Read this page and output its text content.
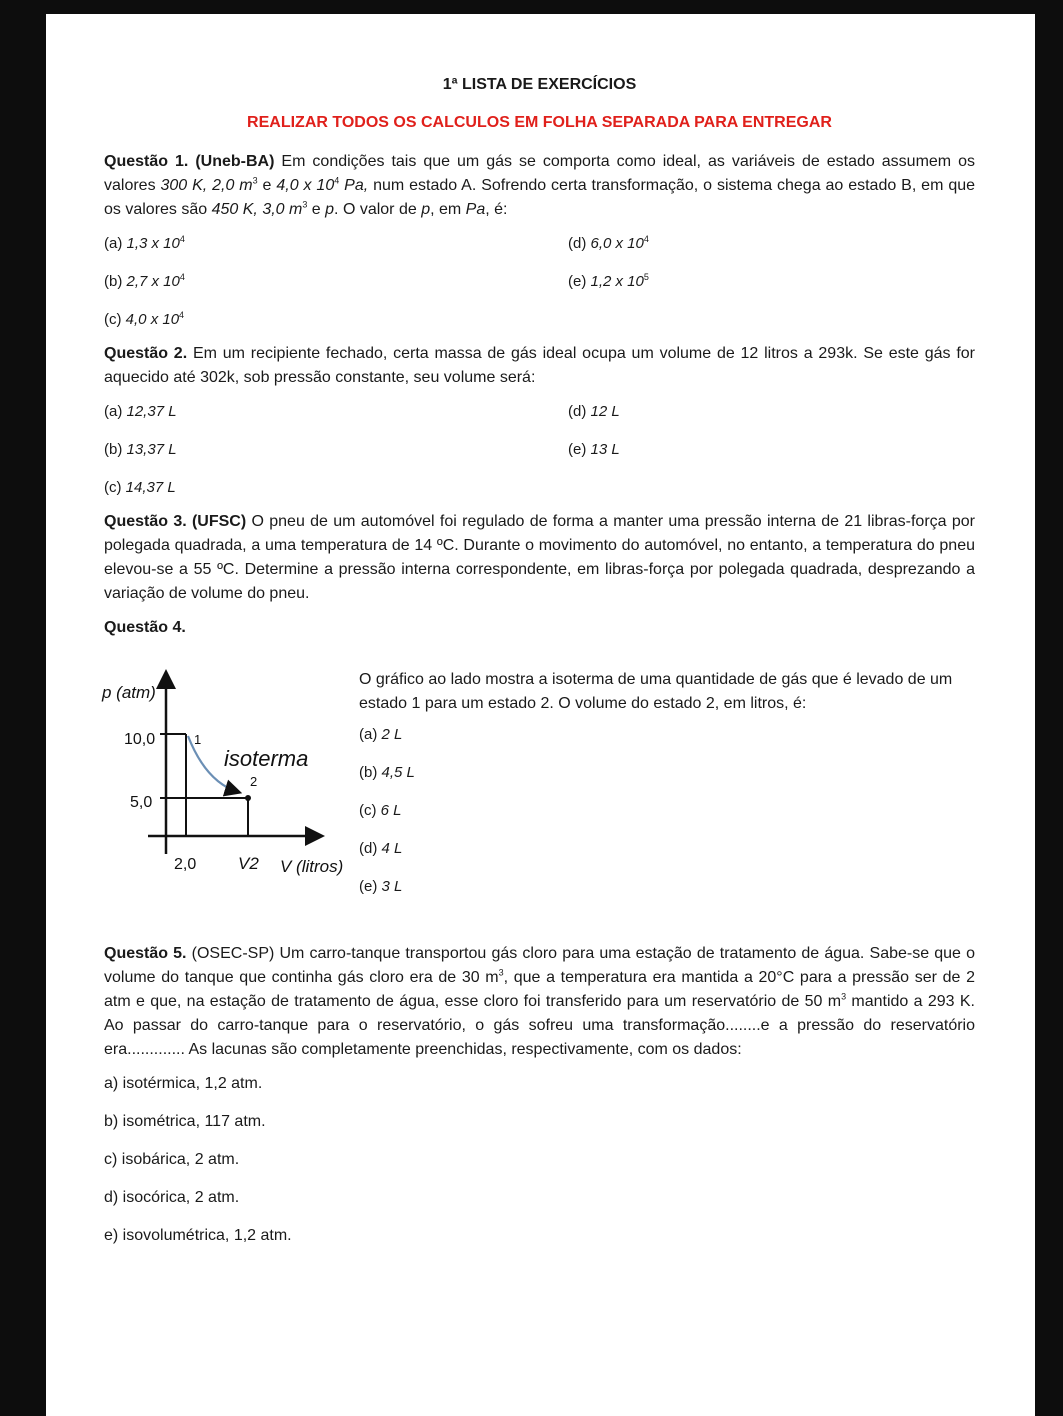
1ª LISTA DE EXERCÍCIOS
REALIZAR TODOS OS CALCULOS EM FOLHA SEPARADA PARA ENTREGAR

Questão 1. (Uneb-BA) Em condições tais que um gás se comporta como ideal, as variáveis de estado assumem os valores 300 K, 2,0 $m^3$ e 4,0 x $10^4$ Pa, num estado A. Sofrendo certa transformação, o sistema chega ao estado B, em que os valores são 450 K, 3,0 $m^3$ e p. O valor de p, em Pa, é:

(a) 1,3 x $10^4$	(d) 6,0 x $10^4$
(b) 2,7 x $10^4$	(e) 1,2 x $10^5$
(c) 4,0 x $10^4$

Questão 2. Em um recipiente fechado, certa massa de gás ideal ocupa um volume de 12 litros a 293k. Se este gás for aquecido até 302k, sob pressão constante, seu volume será:

(a) 12,37 L	(d) 12 L
(b) 13,37 L	(e) 13 L
(c) 14,37 L

Questão 3. (UFSC) O pneu de um automóvel foi regulado de forma a manter uma pressão interna de 21 libras-força por polegada quadrada, a uma temperatura de 14 ºC. Durante o movimento do automóvel, no entanto, a temperatura do pneu elevou-se a 55 ºC. Determine a pressão interna correspondente, em libras-força por polegada quadrada, desprezando a variação de volume do pneu.

Questão 4.

p (atm)
V (litros)
10,0
5,0
2,0 V2
1
2
isoterma
O gráfico ao lado mostra a isoterma de uma quantidade de gás que é levado de um estado 1 para um estado 2. O volume do estado 2, em litros, é:
(a) 2 L
(b) 4,5 L
(c) 6 L
(d) 4 L
(e) 3 L

Questão 5. (OSEC-SP) Um carro-tanque transportou gás cloro para uma estação de tratamento de água. Sabe-se que o volume do tanque que continha gás cloro era de 30 $m^3$, que a temperatura era mantida a 20°C para a pressão ser de 2 atm e que, na estação de tratamento de água, esse cloro foi transferido para um reservatório de 50 $m^3$ mantido a 293 K. Ao passar do carro-tanque para o reservatório, o gás sofreu uma transformação........e a pressão do reservatório era............. As lacunas são completamente preenchidas, respectivamente, com os dados:

a) isotérmica, 1,2 atm.
b) isométrica, 117 atm.
c) isobárica, 2 atm.
d) isocórica, 2 atm.
e) isovolumétrica, 1,2 atm.
